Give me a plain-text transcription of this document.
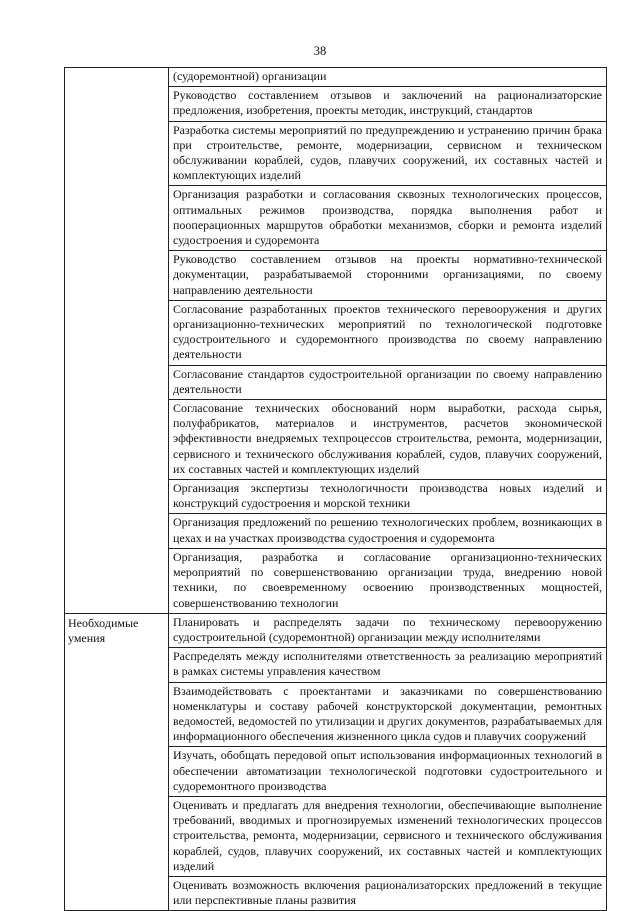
38
(судоремонтной) организации
Руководство составлением отзывов и заключений на рационализаторские предложения, изобретения, проекты методик, инструкций, стандартов
Разработка системы мероприятий по предупреждению и устранению причин брака при строительстве, ремонте, модернизации, сервисном и техническом обслуживании кораблей, судов, плавучих сооружений, их составных частей и комплектующих изделий
Организация разработки и согласования сквозных технологических процессов, оптимальных режимов производства, порядка выполнения работ и пооперационных маршрутов обработки механизмов, сборки и ремонта изделий судостроения и судоремонта
Руководство составлением отзывов на проекты нормативно-технической документации, разрабатываемой сторонними организациями, по своему направлению деятельности
Согласование разработанных проектов технического перевооружения и других организационно-технических мероприятий по технологической подготовке судостроительного и судоремонтного производства по своему направлению деятельности
Согласование стандартов судостроительной организации по своему направлению деятельности
Согласование технических обоснований норм выработки, расхода сырья, полуфабрикатов, материалов и инструментов, расчетов экономической эффективности внедряемых техпроцессов строительства, ремонта, модернизации, сервисного и технического обслуживания кораблей, судов, плавучих сооружений, их составных частей и комплектующих изделий
Организация экспертизы технологичности производства новых изделий и конструкций судостроения и морской техники
Организация предложений по решению технологических проблем, возникающих в цехах и на участках производства судостроения и судоремонта
Организация, разработка и согласование организационно-технических мероприятий по совершенствованию организации труда, внедрению новой техники, по своевременному освоению производственных мощностей, совершенствованию технологии
Необходимые умения
Планировать и распределять задачи по техническому перевооружению судостроительной (судоремонтной) организации между исполнителями
Распределять между исполнителями ответственность за реализацию мероприятий в рамках системы управления качеством
Взаимодействовать с проектантами и заказчиками по совершенствованию номенклатуры и составу рабочей конструкторской документации, ремонтных ведомостей, ведомостей по утилизации и других документов, разрабатываемых для информационного обеспечения жизненного цикла судов и плавучих сооружений
Изучать, обобщать передовой опыт использования информационных технологий в обеспечении автоматизации технологической подготовки судостроительного и судоремонтного производства
Оценивать и предлагать для внедрения технологии, обеспечивающие выполнение требований, вводимых и прогнозируемых изменений технологических процессов строительства, ремонта, модернизации, сервисного и технического обслуживания кораблей, судов, плавучих сооружений, их составных частей и комплектующих изделий
Оценивать возможность включения рационализаторских предложений в текущие или перспективные планы развития
